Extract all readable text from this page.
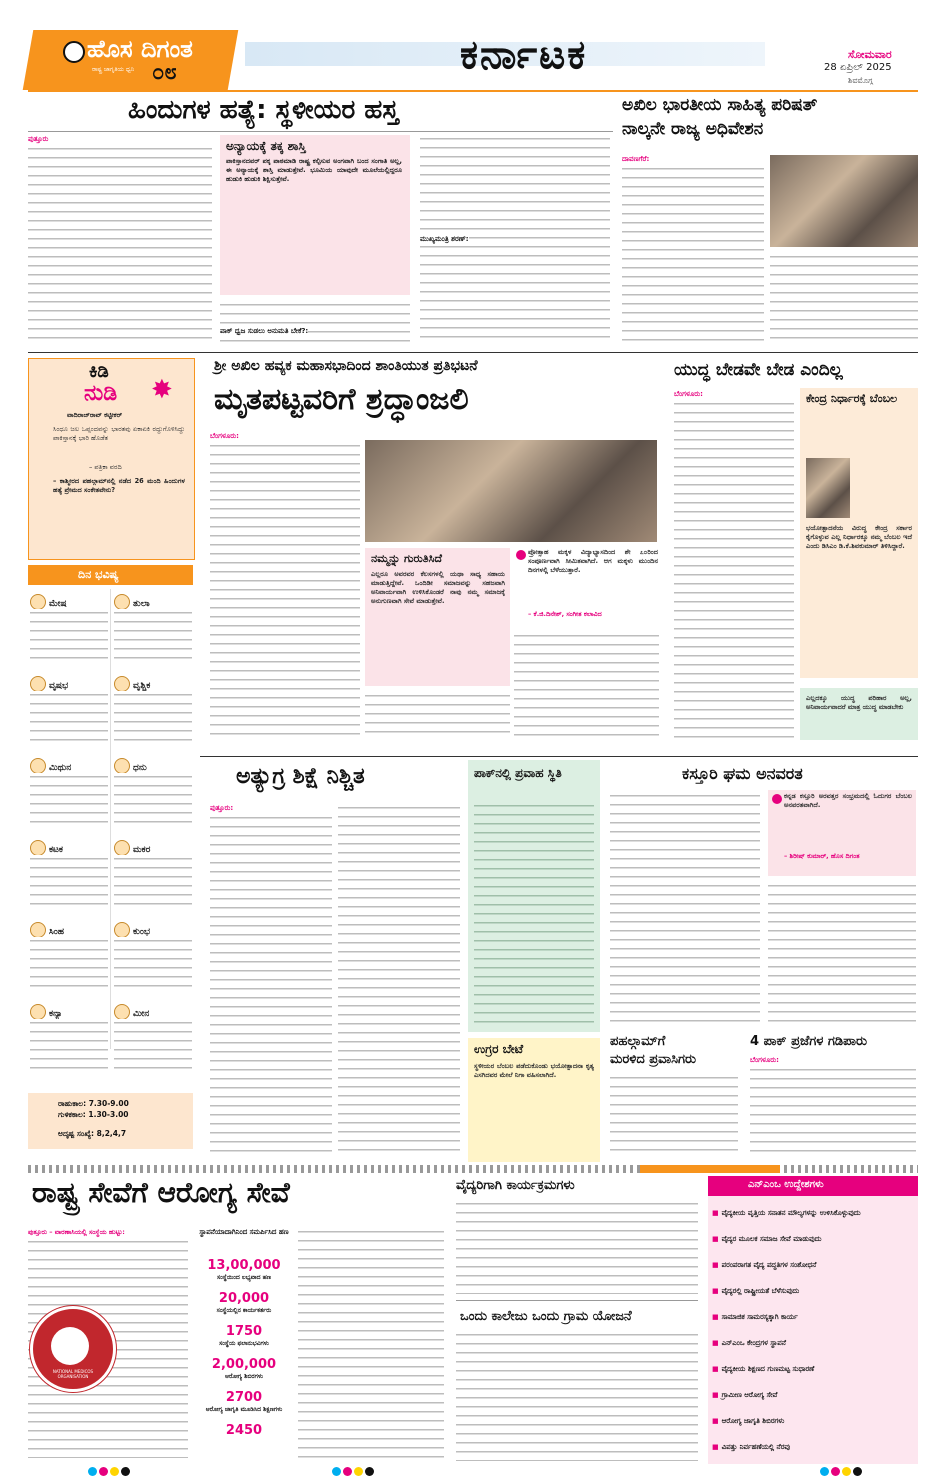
ಹೊಸ ದಿಗಂತ
ರಾಷ್ಟ್ರ ಜಾಗೃತಿಯ ಧ್ವನಿ ೦೮	ಕರ್ನಾಟಕ	ಸೋಮವಾರ
28 ಏಪ್ರಿಲ್ 2025
ಶಿವಮೊಗ್ಗ
ಹಿಂದುಗಳ ಹತ್ಯೆ: ಸ್ಥಳೀಯರ ಹಸ್ತ
ಪುತ್ತೂರು	ಅನ್ಯಾಯಕ್ಕೆ ತಕ್ಕ ಶಾಸ್ತಿ
ಪಾಕಿಸ್ತಾನದವರ್ ಪಕ್ಕ ಪಾಠಮಾಡಿ ರಾಷ್ಟ್ರ ಕಲ್ಪಿಸುವ ಅಂಗವಾಗಿ ಬಂದ ಸಂಗಾತಿ ಅಲ್ಲ, ಈ ಅನ್ಯಾಯಕ್ಕೆ ಶಾಸ್ತಿ ಮಾಡುತ್ತೇವೆ. ಭೂಮಿಯ ಯಾವುದೇ ಮೂಲೆಯಲ್ಲಿದ್ದರೂ ಹುಡುಕಿ ಹುಡುಕಿ ಶಿಕ್ಷಿಸುತ್ತೇವೆ.
ಪಾಕ್ ಧ್ವಜ ಸುಡಲು ಅನುಮತಿ ಬೇಕೆ?:
ಮುಖ್ಯಮಂತ್ರಿ ಶರಣ್:
ಅಖಿಲ ಭಾರತೀಯ ಸಾಹಿತ್ಯ ಪರಿಷತ್
ನಾಲ್ಕನೇ ರಾಜ್ಯ ಅಧಿವೇಶನ
ದಾವಣಗೆರೆ:
ಕಿಡಿ
ನುಡಿ ✸
ವಾದಿರಾಜ್‌ರಾವ್ ಕಟ್ಟೀಕರ್
ಸಿಂಧೂ ಜಲ ಒಪ್ಪಂದವನ್ನು ಭಾರತವು ಏಕಾಏಕಿ ರದ್ದುಗೊಳಿಸಿದ್ದು ಪಾಕಿಸ್ತಾನಕ್ಕೆ ಭಾರಿ ಹೊಡೆತ
– ಪತ್ರಿಕಾ ವರದಿ
– ಕಾಶ್ಮೀರದ ಪಹಲ್ಗಾಮ್‌ನಲ್ಲಿ ನಡೆದ 26 ಮಂದಿ ಹಿಂದುಗಳ ಹತ್ಯೆ ಪ್ರೇಮದ ಸಂಕೇತವೇನು?
ದಿನ ಭವಿಷ್ಯ
ಮೇಷ	ತುಲಾ
ವೃಷಭ	ವೃಶ್ಚಿಕ
ಮಿಥುನ	ಧನು
ಕಟಕ	ಮಕರ
ಸಿಂಹ	ಕುಂಭ
ಕನ್ಯಾ	ಮೀನ
ರಾಹುಕಾಲ: 7.30-9.00
ಗುಳಿಕಕಾಲ: 1.30-3.00
ಅದೃಷ್ಟ ಸಂಖ್ಯೆ: 8,2,4,7
ಶ್ರೀ ಅಖಿಲ ಹವ್ಯಕ ಮಹಾಸಭಾದಿಂದ ಶಾಂತಿಯುತ ಪ್ರತಿಭಟನೆ
ಮೃತಪಟ್ಟವರಿಗೆ ಶ್ರದ್ಧಾಂಜಲಿ
ಬೆಂಗಳೂರು:
ನಮ್ಮನ್ನು ಗುರುತಿಸಿದೆ
ಎಲ್ಲರೂ ಅವರವರ ಕೆಲಸಗಳಲ್ಲಿ ಯಥಾ ಸಾಧ್ಯ ಸಹಾಯ ಮಾಡುತ್ತಿದ್ದೇವೆ. ಒಂದಿಡೀ ಸಮಾಜವನ್ನು ಸಹಜವಾಗಿ ಅನಿವಾರ್ಯವಾಗಿ ಉಳಿಸಿಕೊಂಡರೆ ನಾವು ನಮ್ಮ ಸಮಾಜಕ್ಕೆ ಅನುಗುಣವಾಗಿ ಸೇವೆ ಮಾಡುತ್ತೇವೆ.
ಪ್ರೋತ್ಸಾಹ ಮಕ್ಕಳ ವಿದ್ಯಾಭ್ಯಾಸದಿಂದ ಶೇ ೭೦ರಿಂದ ಸಂಪೂರ್ಣವಾಗಿ ಸೀಮಿತವಾಗಿದೆ. ಆಗ ಮಕ್ಕಳು ಮುಂದಿನ ದಿನಗಳಲ್ಲಿ ಬೆಳೆಯುತ್ತಾರೆ.
– ಕೆ.ಜಿ.ದಿನೇಶ್, ಸಂಗೀತ ಕಲಾವಿದ
ಯುದ್ಧ ಬೇಡವೇ ಬೇಡ ಎಂದಿಲ್ಲ
ಬೆಂಗಳೂರು:	ಕೇಂದ್ರ ನಿರ್ಧಾರಕ್ಕೆ ಬೆಂಬಲ
ಭಯೋತ್ಪಾದನೆಯ ವಿರುದ್ಧ ಕೇಂದ್ರ ಸರ್ಕಾರ ಕೈಗೊಳ್ಳುವ ಎಲ್ಲ ನಿರ್ಧಾರಕ್ಕೂ ನಮ್ಮ ಬೆಂಬಲ ಇದೆ ಎಂದು ಡಿಸಿಎಂ ಡಿ.ಕೆ.ಶಿವಕುಮಾರ್ ತಿಳಿಸಿದ್ದಾರೆ.
ಎಲ್ಲದಕ್ಕೂ ಯುದ್ಧ ಪರಿಹಾರ ಅಲ್ಲ, ಅನಿವಾರ್ಯವಾದರೆ ಮಾತ್ರ ಯುದ್ಧ ಮಾಡಬೇಕು
ಅತ್ಯುಗ್ರ ಶಿಕ್ಷೆ ನಿಶ್ಚಿತ
ಪುತ್ತೂರು:
ಪಾಕ್‌ನಲ್ಲಿ ಪ್ರವಾಹ ಸ್ಥಿತಿ
ಉಗ್ರರ ಬೇಟೆ
ಸ್ಥಳೀಯರ ಬೆಂಬಲ ಪಡೆದುಕೊಂಡು ಭಯೋತ್ಪಾದನಾ ಕೃತ್ಯ ಎಸಗಿದವರ ಮೇಲೆ ನಿಗಾ ವಹಿಸಲಾಗಿದೆ.
ಕಸ್ತೂರಿ ಘಮ ಅನವರತ
ಕನ್ನಡ ಕಸ್ತೂರಿ ಅರವತ್ತರ ಸಂಭ್ರಮದಲ್ಲಿ ಓದುಗರ ಬೆಂಬಲ ಅನವರತವಾಗಿದೆ.
– ಶಿರೀಷ್ ಕುಮಾರ್, ಹೊಸ ದಿಗಂತ
ಪಹಲ್ಗಾಮ್‌ಗೆ
ಮರಳಿದ ಪ್ರವಾಸಿಗರು
4 ಪಾಕ್ ಪ್ರಜೆಗಳ ಗಡಿಪಾರು
ಬೆಂಗಳೂರು:
ರಾಷ್ಟ್ರ ಸೇವೆಗೆ ಆರೋಗ್ಯ ಸೇವೆ
ಪುತ್ತೂರು – ವಾರಣಾಸಿಯಲ್ಲಿ ಸಂಸ್ಥೆಯ ಹುಟ್ಟು:
NATIONAL MEDICOS ORGANISATION
ಸ್ಥಾಪನೆಯಾದಾಗಿನಿಂದ ಸಮರ್ಪಿಸಿದ ಹಣ
13,00,000
ಸಂಸ್ಥೆಯಿಂದ ಲಭ್ಯವಾದ ಹಣ
20,000
ಸಂಸ್ಥೆಯಲ್ಲಿನ ಕಾರ್ಯಕರ್ತರು
1750
ಸಂಸ್ಥೆಯ ಫಲಾನುಭವಿಗಳು
2,00,000
ಆರೋಗ್ಯ ಶಿಬಿರಗಳು
2700
ಆರೋಗ್ಯ ಜಾಗೃತಿ ಮೂಡಿಸಿದ ಶಿಕ್ಷಣಗಳು
2450
ವೈದ್ಯರಿಗಾಗಿ ಕಾರ್ಯಕ್ರಮಗಳು
ಒಂದು ಕಾಲೇಜು ಒಂದು ಗ್ರಾಮ ಯೋಜನೆ
ಎನ್‌ಎಂಒ ಉದ್ದೇಶಗಳು
■ ವೈದ್ಯಕೀಯ ವೃತ್ತಿಯ ಸನಾತನ ಮೌಲ್ಯಗಳನ್ನು ಉಳಿಸಿಕೊಳ್ಳುವುದು
■ ವೈದ್ಯರ ಮೂಲಕ ಸಮಾಜ ಸೇವೆ ಮಾಡುವುದು
■ ಪರಂಪರಾಗತ ವೈದ್ಯ ಪದ್ಧತಿಗಳ ಸಂಶೋಧನೆ
■ ವೈದ್ಯರಲ್ಲಿ ರಾಷ್ಟ್ರೀಯತೆ ಬೆಳೆಸುವುದು
■ ಸಾಮಾಜಿಕ ಸಾಮರಸ್ಯಕ್ಕಾಗಿ ಕಾರ್ಯ
■ ಎನ್‌ಎಂಒ ಕೇಂದ್ರಗಳ ಸ್ಥಾಪನೆ
■ ವೈದ್ಯಕೀಯ ಶಿಕ್ಷಣದ ಗುಣಮಟ್ಟ ಸುಧಾರಣೆ
■ ಗ್ರಾಮೀಣ ಆರೋಗ್ಯ ಸೇವೆ
■ ಆರೋಗ್ಯ ಜಾಗೃತಿ ಶಿಬಿರಗಳು
■ ವಿಪತ್ತು ನಿರ್ವಹಣೆಯಲ್ಲಿ ನೆರವು
